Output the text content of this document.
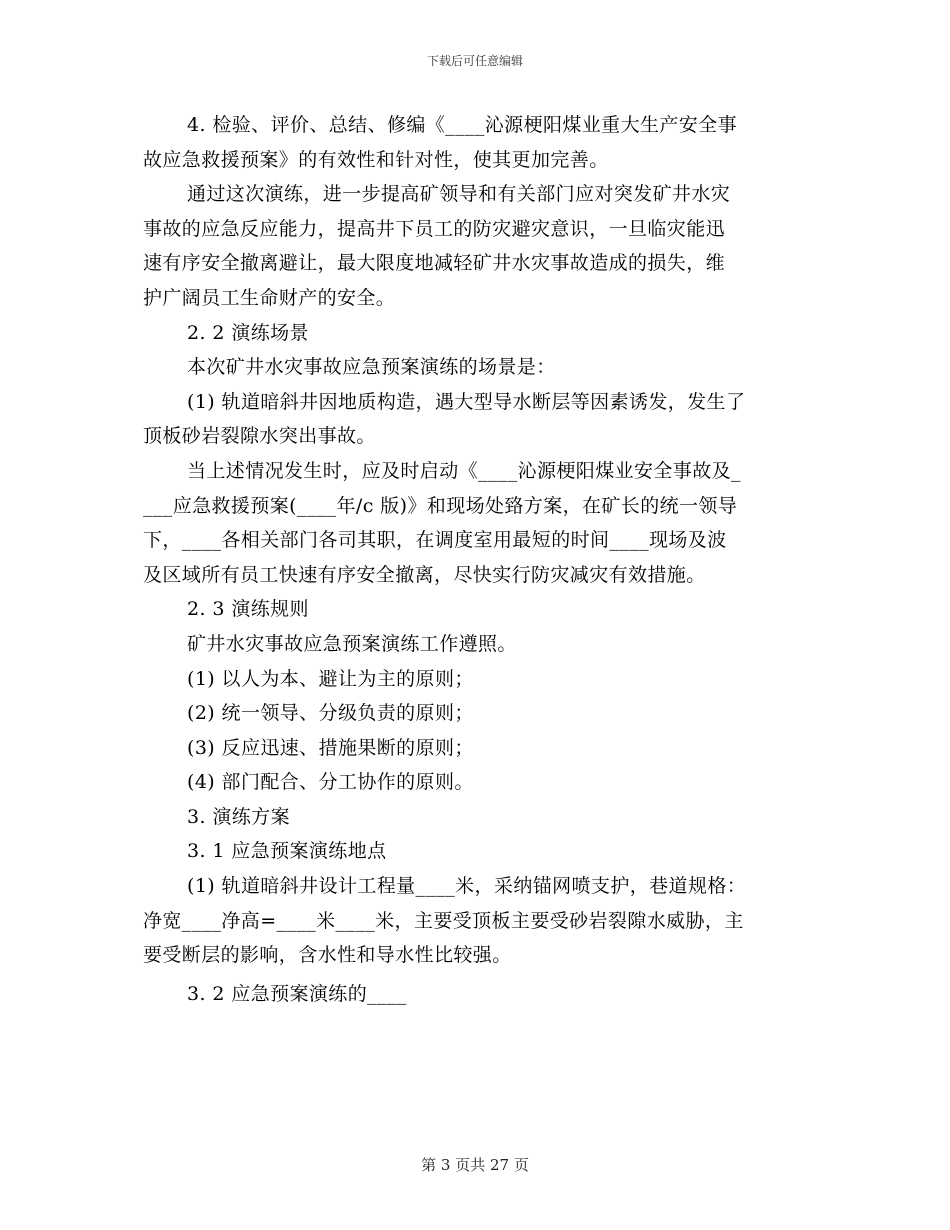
下载后可任意编辑

4. 检验、评价、总结、修编《____沁源梗阳煤业重大生产安全事

故应急救援预案》的有效性和针对性，使其更加完善。

通过这次演练，进一步提高矿领导和有关部门应对突发矿井水灾

事故的应急反应能力，提高井下员工的防灾避灾意识，一旦临灾能迅

速有序安全撤离避让，最大限度地减轻矿井水灾事故造成的损失，维

护广阔员工生命财产的安全。

2. 2 演练场景

本次矿井水灾事故应急预案演练的场景是：

(1) 轨道暗斜井因地质构造，遇大型导水断层等因素诱发，发生了

顶板砂岩裂隙水突出事故。

当上述情况发生时，应及时启动《____沁源梗阳煤业安全事故及_

___应急救援预案(____年/c 版)》和现场处臵方案，在矿长的统一领导

下，____各相关部门各司其职，在调度室用最短的时间____现场及波

及区域所有员工快速有序安全撤离，尽快实行防灾减灾有效措施。

2. 3 演练规则

矿井水灾事故应急预案演练工作遵照。

(1) 以人为本、避让为主的原则；

(2) 统一领导、分级负责的原则；

(3) 反应迅速、措施果断的原则；

(4) 部门配合、分工协作的原则。

3. 演练方案

3. 1 应急预案演练地点

(1) 轨道暗斜井设计工程量____米，采纳锚网喷支护，巷道规格：

净宽____净高=____米____米，主要受顶板主要受砂岩裂隙水威胁，主

要受断层的影响，含水性和导水性比较强。

3. 2 应急预案演练的____

第 3 页共 27 页
